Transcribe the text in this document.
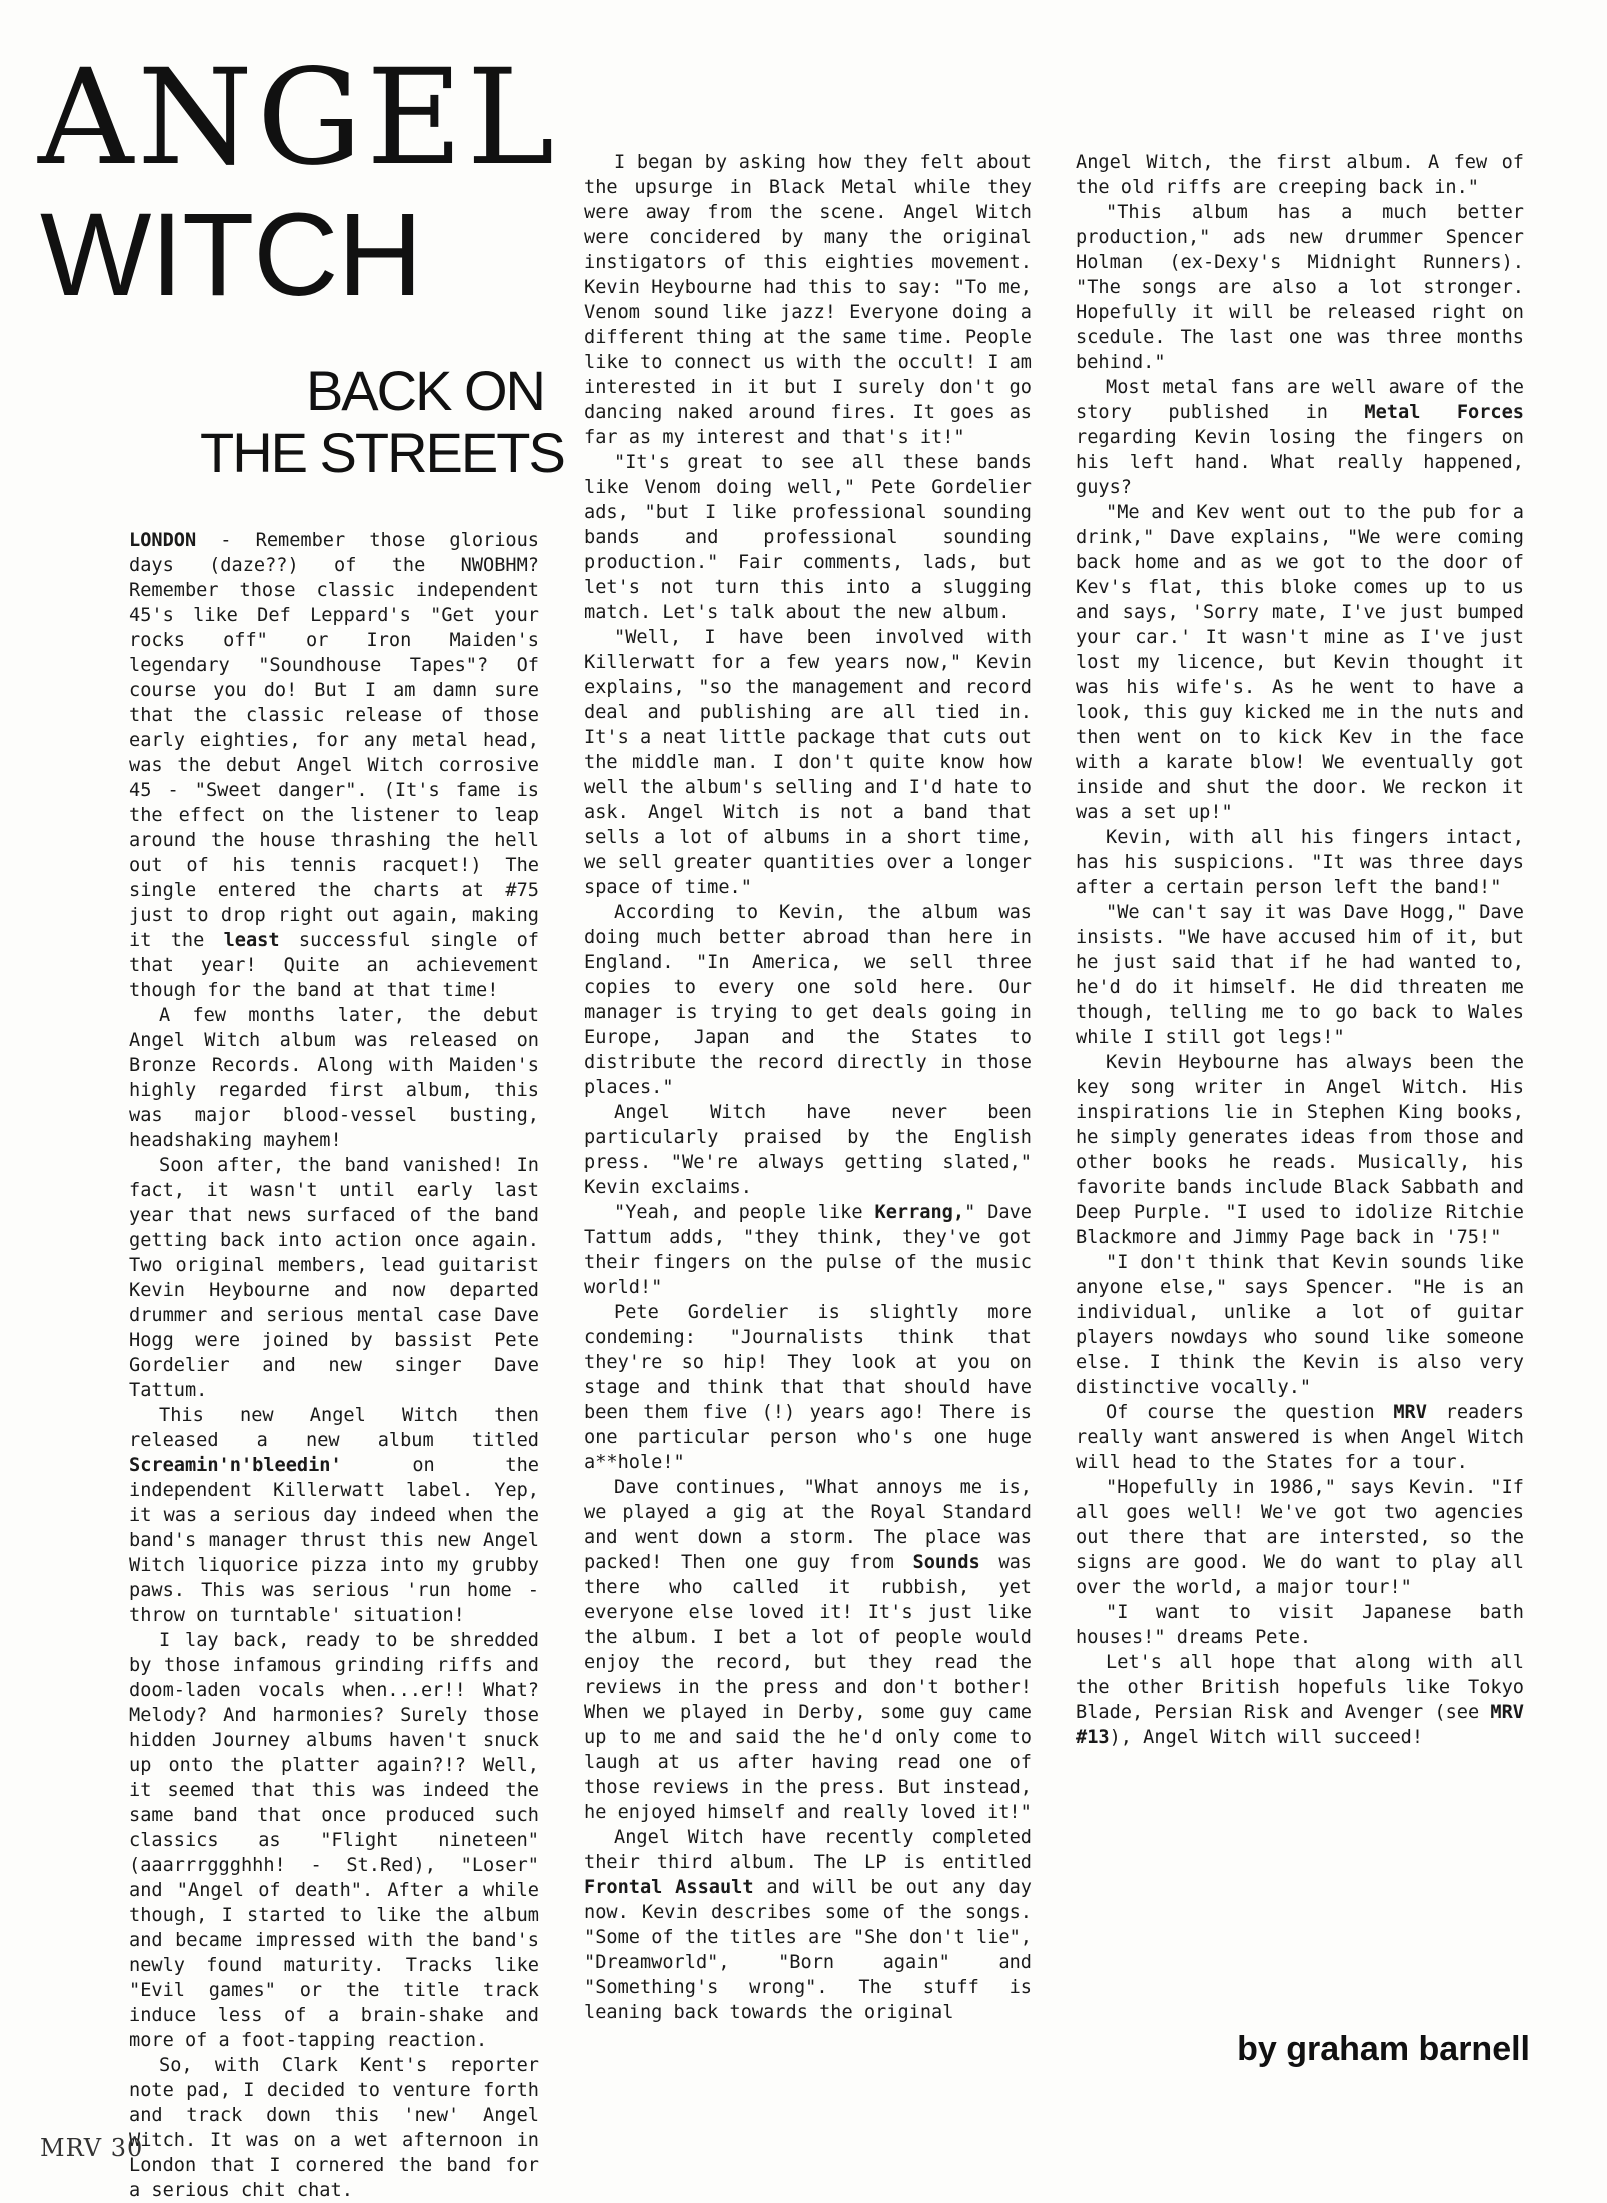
ANGEL
WITCH
BACK ON
THE STREETS

LONDON - Remember those glorious days (daze??) of the NWOBHM? Remember those classic independent 45's like Def Leppard's "Get your rocks off" or Iron Maiden's legendary "Soundhouse Tapes"? Of course you do! But I am damn sure that the classic release of those early eighties, for any metal head, was the debut Angel Witch corrosive 45 - "Sweet danger". (It's fame is the effect on the listener to leap around the house thrashing the hell out of his tennis racquet!) The single entered the charts at #75 just to drop right out again, making it the least successful single of that year! Quite an achievement though for the band at that time!

A few months later, the debut Angel Witch album was released on Bronze Records. Along with Maiden's highly regarded first album, this was major blood-vessel busting, headshaking mayhem!

Soon after, the band vanished! In fact, it wasn't until early last year that news surfaced of the band getting back into action once again. Two original members, lead guitarist Kevin Heybourne and now departed drummer and serious mental case Dave Hogg were joined by bassist Pete Gordelier and new singer Dave Tattum.

This new Angel Witch then released a new album titled Screamin'n'bleedin' on the independent Killerwatt label. Yep, it was a serious day indeed when the band's manager thrust this new Angel Witch liquorice pizza into my grubby paws. This was serious 'run home - throw on turntable' situation!

I lay back, ready to be shredded by those infamous grinding riffs and doom-laden vocals when...er!! What? Melody? And harmonies? Surely those hidden Journey albums haven't snuck up onto the platter again?!? Well, it seemed that this was indeed the same band that once produced such classics as "Flight nineteen" (aaarrrggghhh! - St.Red), "Loser" and "Angel of death". After a while though, I started to like the album and became impressed with the band's newly found maturity. Tracks like "Evil games" or the title track induce less of a brain-shake and more of a foot-tapping reaction.

So, with Clark Kent's reporter note pad, I decided to venture forth and track down this 'new' Angel Witch. It was on a wet afternoon in London that I cornered the band for a serious chit chat.

I began by asking how they felt about the upsurge in Black Metal while they were away from the scene. Angel Witch were concidered by many the original instigators of this eighties movement. Kevin Heybourne had this to say: "To me, Venom sound like jazz! Everyone doing a different thing at the same time. People like to connect us with the occult! I am interested in it but I surely don't go dancing naked around fires. It goes as far as my interest and that's it!"

"It's great to see all these bands like Venom doing well," Pete Gordelier ads, "but I like professional sounding bands and professional sounding production." Fair comments, lads, but let's not turn this into a slugging match. Let's talk about the new album.

"Well, I have been involved with Killerwatt for a few years now," Kevin explains, "so the management and record deal and publishing are all tied in. It's a neat little package that cuts out the middle man. I don't quite know how well the album's selling and I'd hate to ask. Angel Witch is not a band that sells a lot of albums in a short time, we sell greater quantities over a longer space of time."

According to Kevin, the album was doing much better abroad than here in England. "In America, we sell three copies to every one sold here. Our manager is trying to get deals going in Europe, Japan and the States to distribute the record directly in those places."

Angel Witch have never been particularly praised by the English press. "We're always getting slated," Kevin exclaims.

"Yeah, and people like Kerrang," Dave Tattum adds, "they think, they've got their fingers on the pulse of the music world!"

Pete Gordelier is slightly more condeming: "Journalists think that they're so hip! They look at you on stage and think that that should have been them five (!) years ago! There is one particular person who's one huge a**hole!"

Dave continues, "What annoys me is, we played a gig at the Royal Standard and went down a storm. The place was packed! Then one guy from Sounds was there who called it rubbish, yet everyone else loved it! It's just like the album. I bet a lot of people would enjoy the record, but they read the reviews in the press and don't bother! When we played in Derby, some guy came up to me and said the he'd only come to laugh at us after having read one of those reviews in the press. But instead, he enjoyed himself and really loved it!"

Angel Witch have recently completed their third album. The LP is entitled Frontal Assault and will be out any day now. Kevin describes some of the songs. "Some of the titles are "She don't lie", "Dreamworld", "Born again" and "Something's wrong". The stuff is leaning back towards the original

Angel Witch, the first album. A few of the old riffs are creeping back in."

"This album has a much better production," ads new drummer Spencer Holman (ex-Dexy's Midnight Runners). "The songs are also a lot stronger. Hopefully it will be released right on scedule. The last one was three months behind."

Most metal fans are well aware of the story published in Metal Forces regarding Kevin losing the fingers on his left hand. What really happened, guys?

"Me and Kev went out to the pub for a drink," Dave explains, "We were coming back home and as we got to the door of Kev's flat, this bloke comes up to us and says, 'Sorry mate, I've just bumped your car.' It wasn't mine as I've just lost my licence, but Kevin thought it was his wife's. As he went to have a look, this guy kicked me in the nuts and then went on to kick Kev in the face with a karate blow! We eventually got inside and shut the door. We reckon it was a set up!"

Kevin, with all his fingers intact, has his suspicions. "It was three days after a certain person left the band!"

"We can't say it was Dave Hogg," Dave insists. "We have accused him of it, but he just said that if he had wanted to, he'd do it himself. He did threaten me though, telling me to go back to Wales while I still got legs!"

Kevin Heybourne has always been the key song writer in Angel Witch. His inspirations lie in Stephen King books, he simply generates ideas from those and other books he reads. Musically, his favorite bands include Black Sabbath and Deep Purple. "I used to idolize Ritchie Blackmore and Jimmy Page back in '75!"

"I don't think that Kevin sounds like anyone else," says Spencer. "He is an individual, unlike a lot of guitar players nowdays who sound like someone else. I think the Kevin is also very distinctive vocally."

Of course the question MRV readers really want answered is when Angel Witch will head to the States for a tour.

"Hopefully in 1986," says Kevin. "If all goes well! We've got two agencies out there that are intersted, so the signs are good. We do want to play all over the world, a major tour!"

"I want to visit Japanese bath houses!" dreams Pete.

Let's all hope that along with all the other British hopefuls like Tokyo Blade, Persian Risk and Avenger (see MRV #13), Angel Witch will succeed!

by graham barnell
MRV 30
